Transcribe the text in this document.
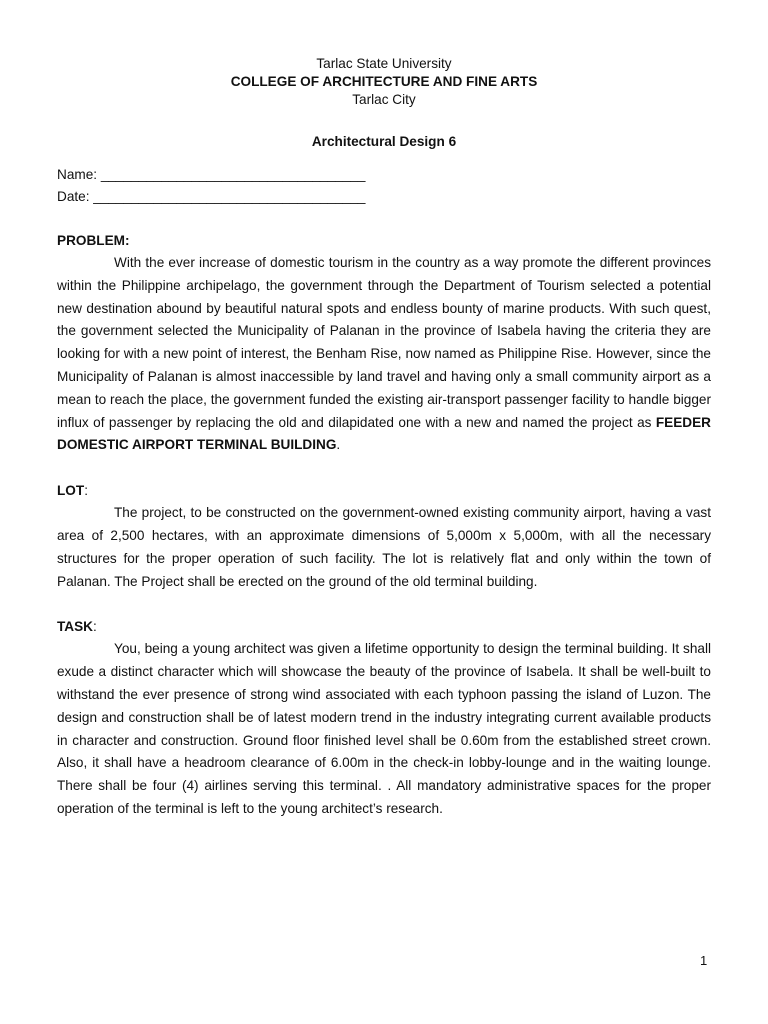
Tarlac State University
COLLEGE OF ARCHITECTURE AND FINE ARTS
Tarlac City
Architectural Design 6
Name: ___________________________________
Date: ____________________________________

PROBLEM:

With the ever increase of domestic tourism in the country as a way promote the different provinces within the Philippine archipelago, the government through the Department of Tourism selected a potential new destination abound by beautiful natural spots and endless bounty of marine products. With such quest, the government selected the Municipality of Palanan in the province of Isabela having the criteria they are looking for with a new point of interest, the Benham Rise, now named as Philippine Rise. However, since the Municipality of Palanan is almost inaccessible by land travel and having only a small community airport as a mean to reach the place, the government funded the existing air-transport passenger facility to handle bigger influx of passenger by replacing the old and dilapidated one with a new and named the project as FEEDER DOMESTIC AIRPORT TERMINAL BUILDING.

LOT:

The project, to be constructed on the government-owned existing community airport, having a vast area of 2,500 hectares, with an approximate dimensions of 5,000m x 5,000m, with all the necessary structures for the proper operation of such facility. The lot is relatively flat and only within the town of Palanan. The Project shall be erected on the ground of the old terminal building.

TASK:

You, being a young architect was given a lifetime opportunity to design the terminal building. It shall exude a distinct character which will showcase the beauty of the province of Isabela. It shall be well-built to withstand the ever presence of strong wind associated with each typhoon passing the island of Luzon. The design and construction shall be of latest modern trend in the industry integrating current available products in character and construction. Ground floor finished level shall be 0.60m from the established street crown. Also, it shall have a headroom clearance of 6.00m in the check-in lobby-lounge and in the waiting lounge. There shall be four (4) airlines serving this terminal. . All mandatory administrative spaces for the proper operation of the terminal is left to the young architect’s research.

1
